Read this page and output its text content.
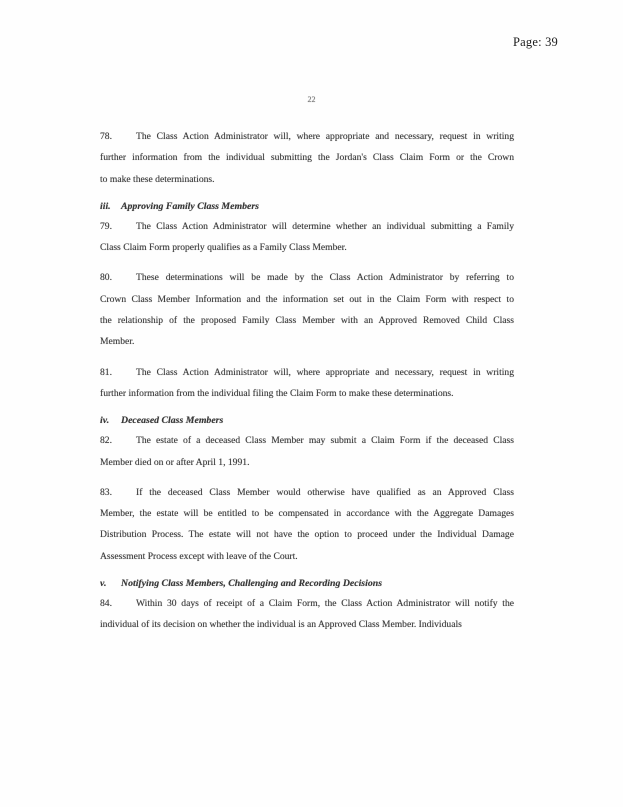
Page: 39
22
78.	The Class Action Administrator will, where appropriate and necessary, request in writing
further information from the individual submitting the Jordan's Class Claim Form or the Crown
to make these determinations.
iii. Approving Family Class Members
79.	The Class Action Administrator will determine whether an individual submitting a Family
Class Claim Form properly qualifies as a Family Class Member.
80.	These determinations will be made by the Class Action Administrator by referring to
Crown Class Member Information and the information set out in the Claim Form with respect to
the relationship of the proposed Family Class Member with an Approved Removed Child Class
Member.
81.	The Class Action Administrator will, where appropriate and necessary, request in writing
further information from the individual filing the Claim Form to make these determinations.
iv. Deceased Class Members
82.	The estate of a deceased Class Member may submit a Claim Form if the deceased Class
Member died on or after April 1, 1991.
83.	If the deceased Class Member would otherwise have qualified as an Approved Class
Member, the estate will be entitled to be compensated in accordance with the Aggregate Damages
Distribution Process. The estate will not have the option to proceed under the Individual Damage
Assessment Process except with leave of the Court.
v. Notifying Class Members, Challenging and Recording Decisions
84.	Within 30 days of receipt of a Claim Form, the Class Action Administrator will notify the
individual of its decision on whether the individual is an Approved Class Member. Individuals
